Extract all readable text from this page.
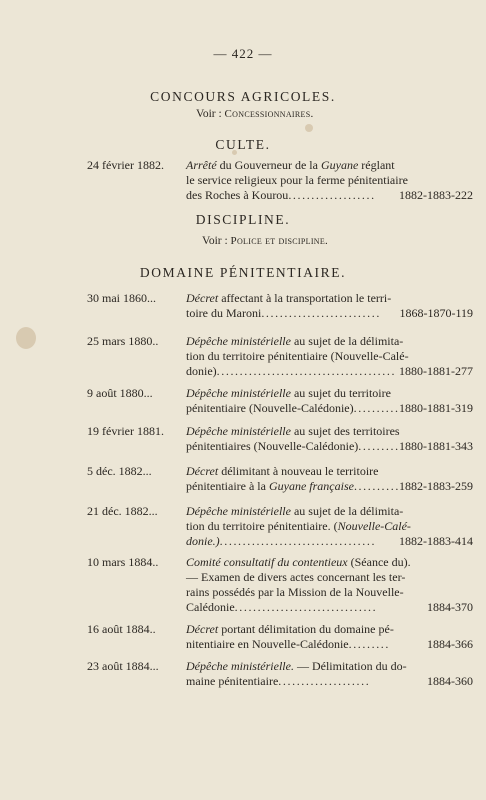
— 422 —
CONCOURS AGRICOLES.
Voir : Concessionnaires.
CULTE.
24 février 1882. Arrêté du Gouverneur de la Guyane réglant
le service religieux pour la ferme pénitentiaire
des Roches à Kourou................... 1882-1883-222
DISCIPLINE.
Voir : Police et discipline.
DOMAINE PÉNITENTIAIRE.
30 mai 1860...	Décret affectant à la transportation le terri-
toire du Maroni.......................... 1868-1870-119
25 mars 1880.. Dépêche ministérielle au sujet de la délimita-
tion du territoire pénitentiaire (Nouvelle-Calé-
donie)....................................... 1880-1881-277
9 août 1880...	Dépêche ministérielle au sujet du territoire
pénitentiaire (Nouvelle-Calédonie).......... 1880-1881-319
19 février 1881. Dépêche ministérielle au sujet des territoires
pénitentiaires (Nouvelle-Calédonie)......... 1880-1881-343
5 déc. 1882...	Décret délimitant à nouveau le territoire
pénitentiaire à la Guyane française.......... 1882-1883-259
21 déc. 1882... Dépêche ministérielle au sujet de la délimita-
tion du territoire pénitentiaire. (Nouvelle-Calé-
donie.).................................. 1882-1883-414
10 mars 1884.. Comité consultatif du contentieux (Séance du).
— Examen de divers actes concernant les ter-
rains possédés par la Mission de la Nouvelle-
Calédonie...............................	1884-370
16 août 1884..	Décret portant délimitation du domaine pé-
nitentiaire en Nouvelle-Calédonie.........	1884-366
23 août 1884... Dépêche ministérielle. — Délimitation du do-
maine pénitentiaire....................	1884-360
